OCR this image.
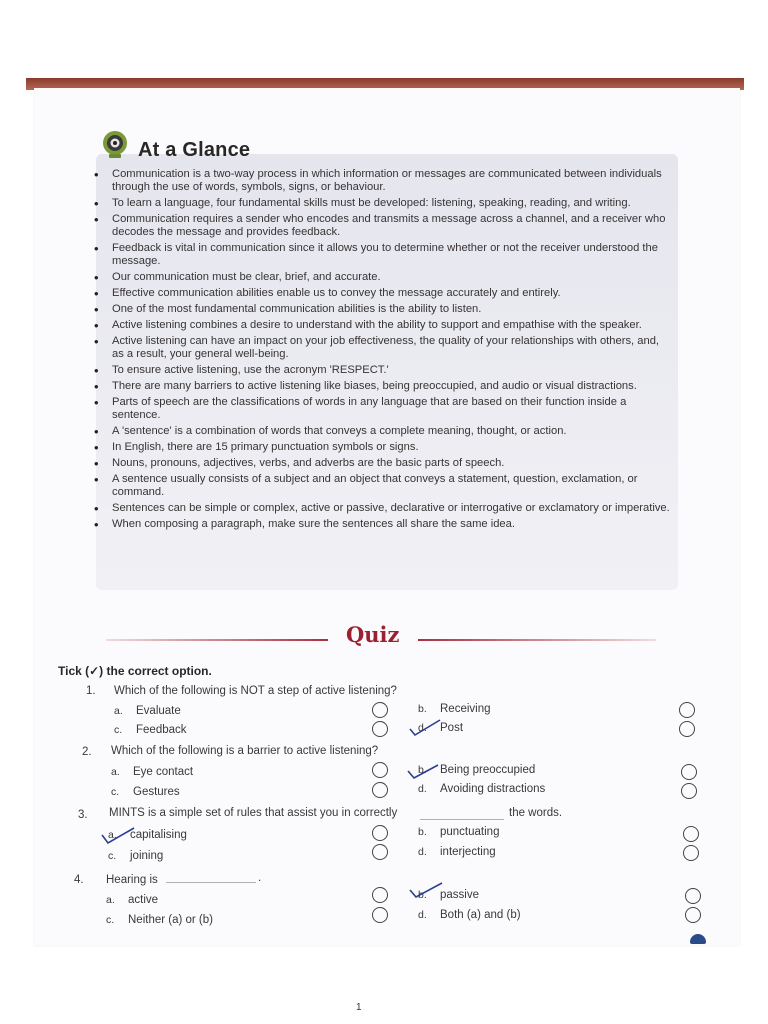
At a Glance
• Communication is a two-way process in which information or messages are communicated between individuals through the use of words, symbols, signs, or behaviour.
• To learn a language, four fundamental skills must be developed: listening, speaking, reading, and writing.
• Communication requires a sender who encodes and transmits a message across a channel, and a receiver who decodes the message and provides feedback.
• Feedback is vital in communication since it allows you to determine whether or not the receiver understood the message.
• Our communication must be clear, brief, and accurate.
• Effective communication abilities enable us to convey the message accurately and entirely.
• One of the most fundamental communication abilities is the ability to listen.
• Active listening combines a desire to understand with the ability to support and empathise with the speaker.
• Active listening can have an impact on your job effectiveness, the quality of your relationships with others, and, as a result, your general well-being.
• To ensure active listening, use the acronym 'RESPECT.'
• There are many barriers to active listening like biases, being preoccupied, and audio or visual distractions.
• Parts of speech are the classifications of words in any language that are based on their function inside a sentence.
• A 'sentence' is a combination of words that conveys a complete meaning, thought, or action.
• In English, there are 15 primary punctuation symbols or signs.
• Nouns, pronouns, adjectives, verbs, and adverbs are the basic parts of speech.
• A sentence usually consists of a subject and an object that conveys a statement, question, exclamation, or command.
• Sentences can be simple or complex, active or passive, declarative or interrogative or exclamatory or imperative.
• When composing a paragraph, make sure the sentences all share the same idea.
Quiz
Tick (✓) the correct option.
1. Which of the following is NOT a step of active listening?
a. Evaluate	b. Receiving
c. Feedback	d. Post
2. Which of the following is a barrier to active listening?
a. Eye contact	b. Being preoccupied
c. Gestures	d. Avoiding distractions
3. MINTS is a simple set of rules that assist you in correctly	the words.
a. capitalising	b. punctuating
c. joining	d. interjecting
4. Hearing is	.
a. active	b. passive
c. Neither (a) or (b)	d. Both (a) and (b)
1
